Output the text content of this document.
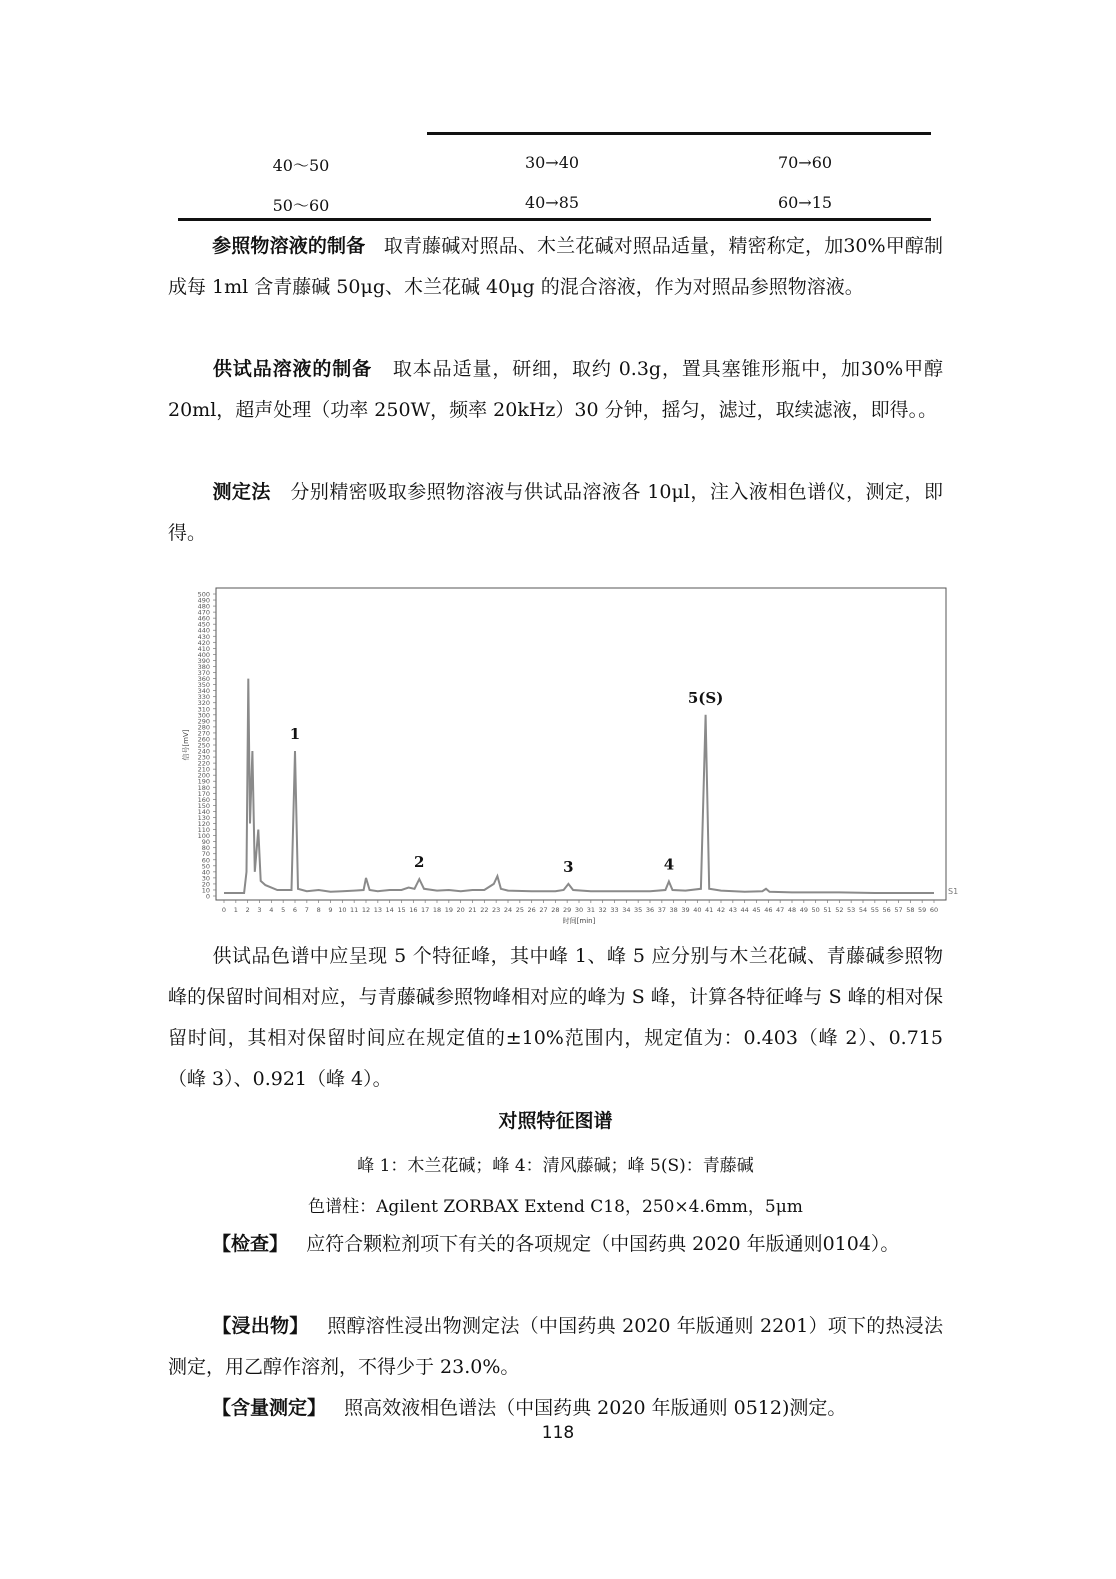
40～50	30→40	70→60
50～60	40→85	60→15
参照物溶液的制备 取青藤碱对照品、木兰花碱对照品适量，精密称定，加30%甲醇制成每 1ml 含青藤碱 50μg、木兰花碱 40μg 的混合溶液，作为对照品参照物溶液。
供试品溶液的制备 取本品适量，研细，取约 0.3g，置具塞锥形瓶中，加30%甲醇 20ml，超声处理（功率 250W，频率 20kHz）30 分钟，摇匀，滤过，取续滤液，即得。。
测定法 分别精密吸取参照物溶液与供试品溶液各 10μl，注入液相色谱仪，测定，即得。
0
10
20
30
40
50
60
70
80
90
100
110
120
130
140
150
160
170
180
190
200
210
220
230
240
250
260
270
280
290
300
310
320
330
340
350
360
370
380
390
400
410
420
430
440
450
460
470
480
490
500
0 1 2 3 4 5 6 7 8 9 10 11 12 13 14 15 16 17 18 19 20 21 22 23 24 25 26 27 28 29 30 31 32 33 34 35 36 37 38 39 40 41 42 43 44 45 46 47 48 49 50 51 52 53 54 55 56 57 58 59 60
时间[min]
信号[mV]
S1
1
2	3	4
5(S)
供试品色谱中应呈现 5 个特征峰，其中峰 1、峰 5 应分别与木兰花碱、青藤碱参照物峰的保留时间相对应，与青藤碱参照物峰相对应的峰为 S 峰，计算各特征峰与 S 峰的相对保留时间，其相对保留时间应在规定值的±10%范围内，规定值为：0.403（峰 2）、0.715（峰 3）、0.921（峰 4）。
对照特征图谱
峰 1：木兰花碱；峰 4：清风藤碱；峰 5(S)：青藤碱
色谱柱：Agilent ZORBAX Extend C18，250×4.6mm，5μm
【检查】 应符合颗粒剂项下有关的各项规定（中国药典 2020 年版通则0104）。
【浸出物】 照醇溶性浸出物测定法（中国药典 2020 年版通则 2201）项下的热浸法测定，用乙醇作溶剂，不得少于 23.0%。
【含量测定】 照高效液相色谱法（中国药典 2020 年版通则 0512)测定。
118
